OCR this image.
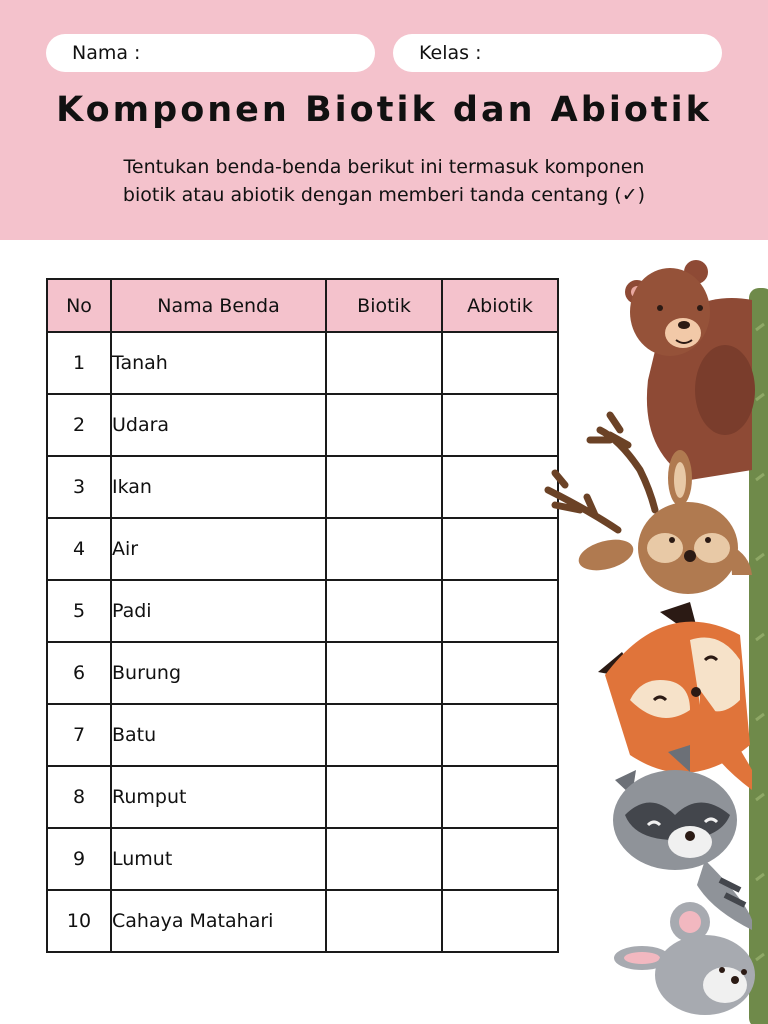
Nama :	Kelas :
Komponen Biotik dan Abiotik
Tentukan benda-benda berikut ini termasuk komponen
biotik atau abiotik dengan memberi tanda centang (✓)
No	Nama Benda	Biotik	Abiotik
1	Tanah		
2	Udara		
3	Ikan		
4	Air		
5	Padi		
6	Burung		
7	Batu		
8	Rumput		
9	Lumut		
10	Cahaya Matahari		
